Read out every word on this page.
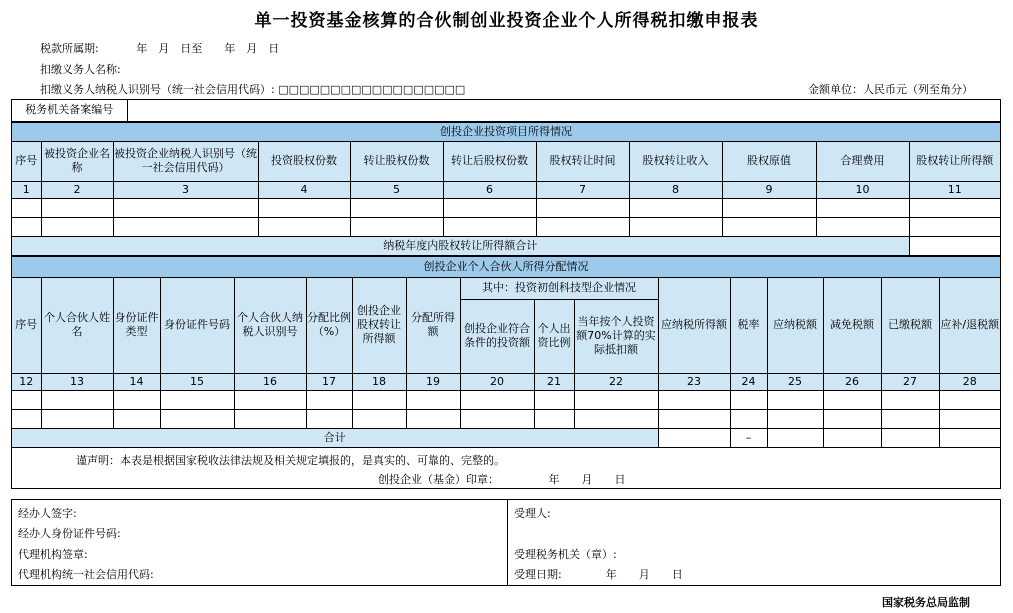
单一投资基金核算的合伙制创业投资企业个人所得税扣缴申报表
税款所属期:	年　月　日至　　年　月　日
扣缴义务人名称:
扣缴义务人纳税人识别号（统一社会信用代码）: □□□□□□□□□□□□□□□□□□	金额单位：人民币元（列至角分）
税务机关备案编号	
创投企业投资项目所得情况										
序号	被投资企业名称	被投资企业纳税人识别号（统一社会信用代码）	投资股权份数	转让股权份数	转让后股权份数	股权转让时间	股权转让收入	股权原值	合理费用	股权转让所得额
1	2	3	4	5	6	7	8	9	10	11

纳税年度内股权转让所得额合计										
创投企业个人合伙人所得分配情况																
序号	个人合伙人姓名	身份证件类型	身份证件号码	个人合伙人纳税人识别号	分配比例（%）	创投企业股权转让所得额	分配所得额	其中：投资初创科技型企业情况			应纳税所得额	税率	应纳税额	减免税额	已缴税额	应补/退税额
								创投企业符合条件的投资额	个人出资比例	当年按个人投资额70%计算的实际抵扣额						
12	13	14	15	16	17	18	19	20	21	22	23	24	25	26	27	28

合计												–				
谨声明：本表是根据国家税收法律法规及相关规定填报的，是真实的、可靠的、完整的。
创投企业（基金）印章：　　　　　年　　月　　日
经办人签字:
经办人身份证件号码:
代理机构签章:
代理机构统一社会信用代码:
受理人:
受理税务机关（章）:
受理日期:　　　　年　　月　　日
国家税务总局监制
